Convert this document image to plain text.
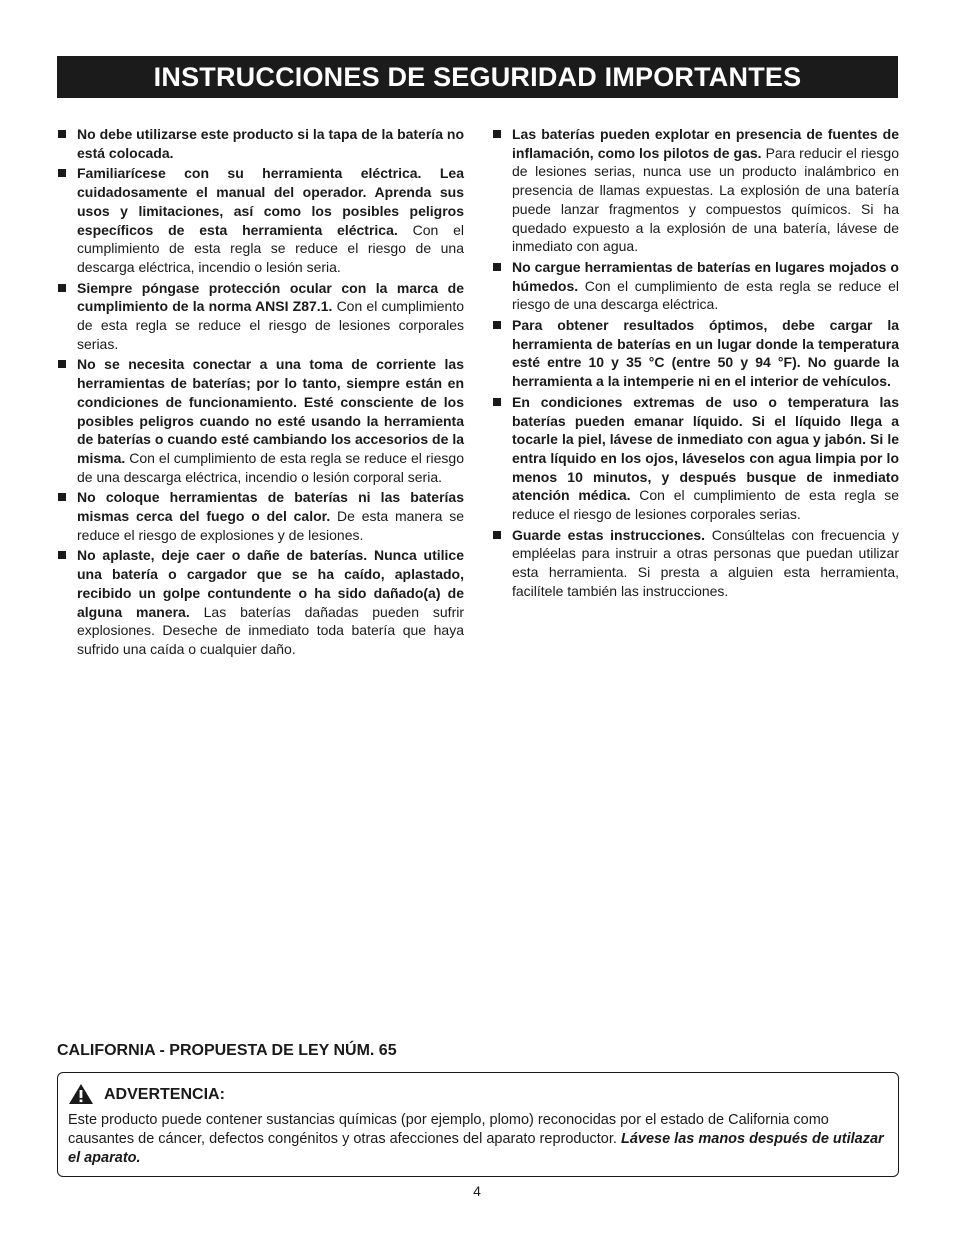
INSTRUCCIONES DE SEGURIDAD IMPORTANTES
No debe utilizarse este producto si la tapa de la batería no está colocada.
Familiarícese con su herramienta eléctrica. Lea cuidadosamente el manual del operador. Aprenda sus usos y limitaciones, así como los posibles peligros específicos de esta herramienta eléctrica. Con el cumplimiento de esta regla se reduce el riesgo de una descarga eléctrica, incendio o lesión seria.
Siempre póngase protección ocular con la marca de cumplimiento de la norma ANSI Z87.1. Con el cumplimiento de esta regla se reduce el riesgo de lesiones corporales serias.
No se necesita conectar a una toma de corriente las herramientas de baterías; por lo tanto, siempre están en condiciones de funcionamiento. Esté consciente de los posibles peligros cuando no esté usando la herramienta de baterías o cuando esté cambiando los accesorios de la misma. Con el cumplimiento de esta regla se reduce el riesgo de una descarga eléctrica, incendio o lesión corporal seria.
No coloque herramientas de baterías ni las baterías mismas cerca del fuego o del calor. De esta manera se reduce el riesgo de explosiones y de lesiones.
No aplaste, deje caer o dañe de baterías. Nunca utilice una batería o cargador que se ha caído, aplastado, recibido un golpe contundente o ha sido dañado(a) de alguna manera. Las baterías dañadas pueden sufrir explosiones. Deseche de inmediato toda batería que haya sufrido una caída o cualquier daño.
Las baterías pueden explotar en presencia de fuentes de inflamación, como los pilotos de gas. Para reducir el riesgo de lesiones serias, nunca use un producto inalámbrico en presencia de llamas expuestas. La explosión de una batería puede lanzar fragmentos y compuestos químicos. Si ha quedado expuesto a la explosión de una batería, lávese de inmediato con agua.
No cargue herramientas de baterías en lugares mojados o húmedos. Con el cumplimiento de esta regla se reduce el riesgo de una descarga eléctrica.
Para obtener resultados óptimos, debe cargar la herramienta de baterías en un lugar donde la temperatura esté entre 10 y 35 °C (entre 50 y 94 °F). No guarde la herramienta a la intemperie ni en el interior de vehículos.
En condiciones extremas de uso o temperatura las baterías pueden emanar líquido. Si el líquido llega a tocarle la piel, lávese de inmediato con agua y jabón. Si le entra líquido en los ojos, láveselos con agua limpia por lo menos 10 minutos, y después busque de inmediato atención médica. Con el cumplimiento de esta regla se reduce el riesgo de lesiones corporales serias.
Guarde estas instrucciones. Consúltelas con frecuencia y empléelas para instruir a otras personas que puedan utilizar esta herramienta. Si presta a alguien esta herramienta, facilítele también las instrucciones.
CALIFORNIA - PROPUESTA DE LEY NÚM. 65
ADVERTENCIA:
Este producto puede contener sustancias químicas (por ejemplo, plomo) reconocidas por el estado de California como causantes de cáncer, defectos congénitos y otras afecciones del aparato reproductor. Lávese las manos después de utilazar el aparato.
4
